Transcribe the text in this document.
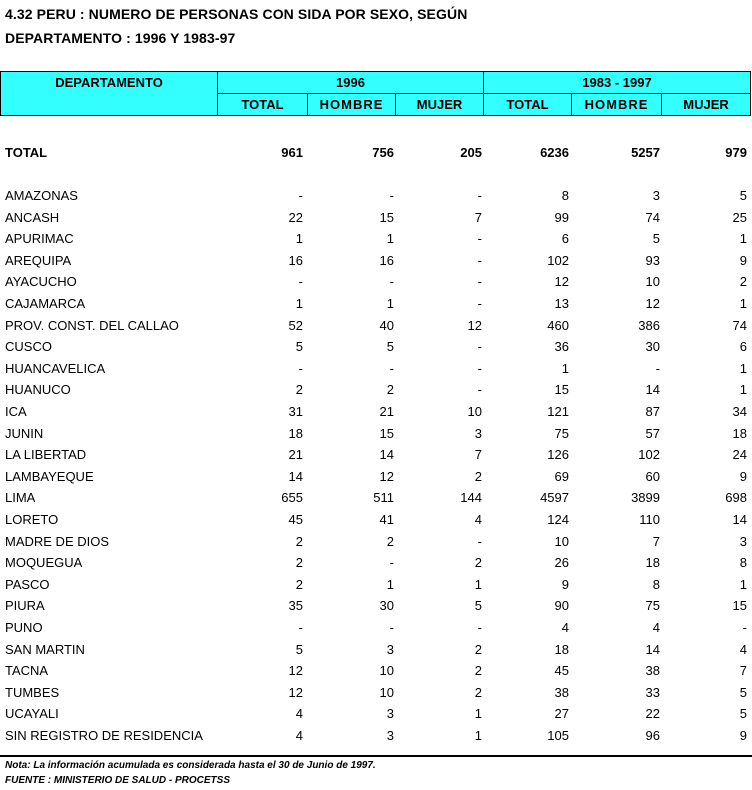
4.32 PERU : NUMERO DE PERSONAS CON SIDA POR SEXO, SEGÚN
DEPARTAMENTO : 1996 Y 1983-97
DEPARTAMENTO	1996			1983 - 1997		
	TOTAL	HOMBRE	MUJER	TOTAL	HOMBRE	MUJER
TOTAL	961	756	205	6236	5257	979
AMAZONAS	-	-	-	8	3	5
ANCASH	22	15	7	99	74	25
APURIMAC	1	1	-	6	5	1
AREQUIPA	16	16	-	102	93	9
AYACUCHO	-	-	-	12	10	2
CAJAMARCA	1	1	-	13	12	1
PROV. CONST. DEL CALLAO	52	40	12	460	386	74
CUSCO	5	5	-	36	30	6
HUANCAVELICA	-	-	-	1	-	1
HUANUCO	2	2	-	15	14	1
ICA	31	21	10	121	87	34
JUNIN	18	15	3	75	57	18
LA LIBERTAD	21	14	7	126	102	24
LAMBAYEQUE	14	12	2	69	60	9
LIMA	655	511	144	4597	3899	698
LORETO	45	41	4	124	110	14
MADRE DE DIOS	2	2	-	10	7	3
MOQUEGUA	2	-	2	26	18	8
PASCO	2	1	1	9	8	1
PIURA	35	30	5	90	75	15
PUNO	-	-	-	4	4	-
SAN MARTIN	5	3	2	18	14	4
TACNA	12	10	2	45	38	7
TUMBES	12	10	2	38	33	5
UCAYALI	4	3	1	27	22	5
SIN REGISTRO DE RESIDENCIA	4	3	1	105	96	9
Nota: La información acumulada es considerada hasta el 30 de Junio de 1997.
FUENTE : MINISTERIO DE SALUD - PROCETSS
